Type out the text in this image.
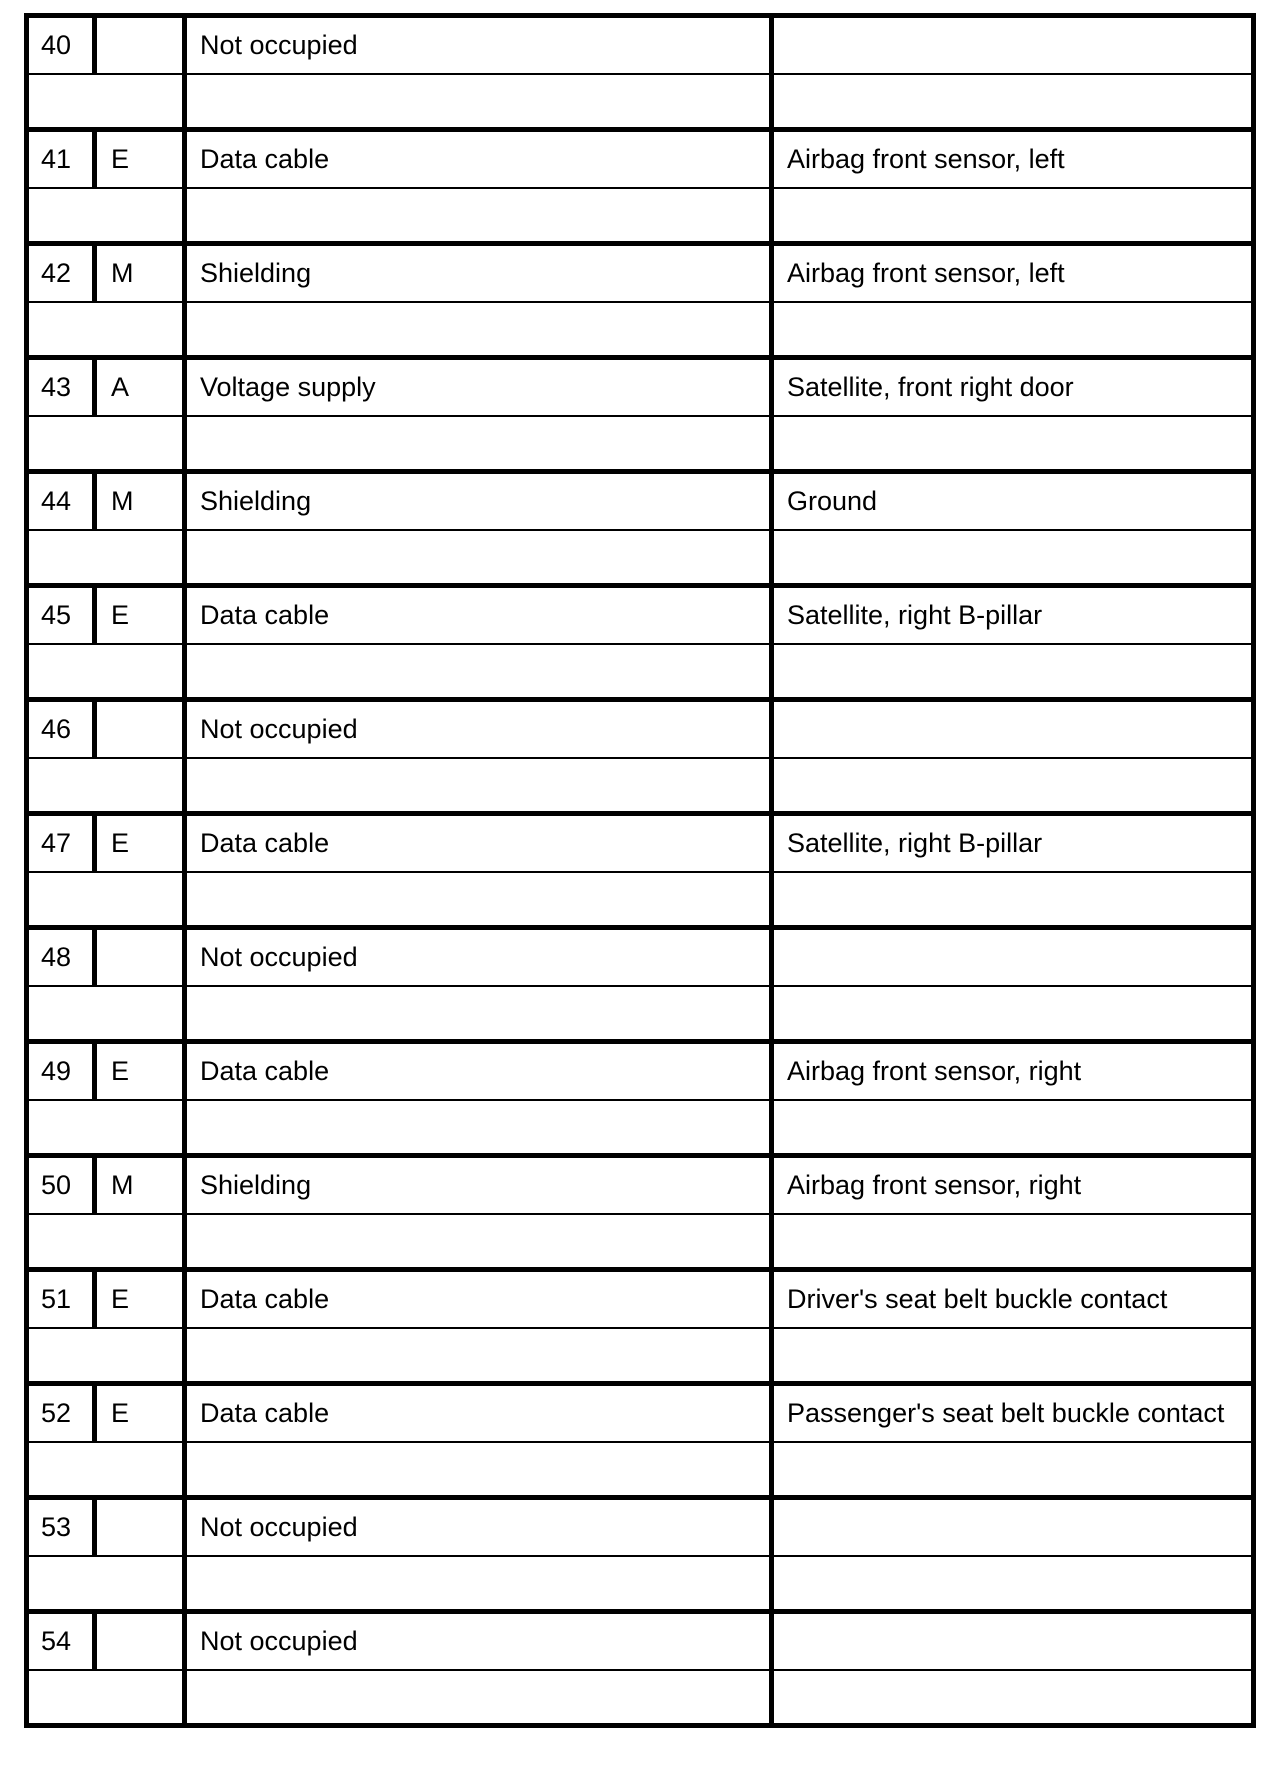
40		Not occupied	

41	E	Data cable	Airbag front sensor, left

42	M	Shielding	Airbag front sensor, left

43	A	Voltage supply	Satellite, front right door

44	M	Shielding	Ground

45	E	Data cable	Satellite, right B-pillar

46		Not occupied	

47	E	Data cable	Satellite, right B-pillar

48		Not occupied	

49	E	Data cable	Airbag front sensor, right

50	M	Shielding	Airbag front sensor, right

51	E	Data cable	Driver's seat belt buckle contact

52	E	Data cable	Passenger's seat belt buckle contact

53		Not occupied	

54		Not occupied	
